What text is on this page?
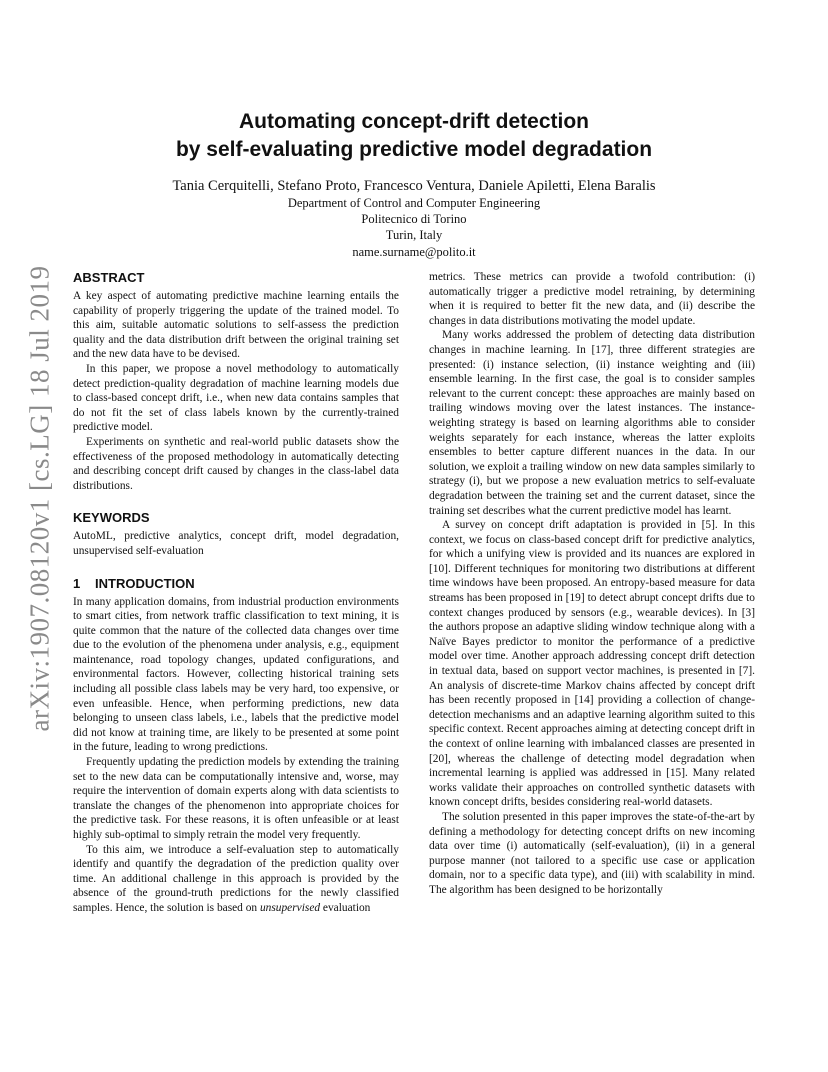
arXiv:1907.08120v1 [cs.LG] 18 Jul 2019
Automating concept-drift detection
by self-evaluating predictive model degradation
Tania Cerquitelli, Stefano Proto, Francesco Ventura, Daniele Apiletti, Elena Baralis
Department of Control and Computer Engineering
Politecnico di Torino
Turin, Italy
name.surname@polito.it
ABSTRACT

A key aspect of automating predictive machine learning entails the capability of properly triggering the update of the trained model. To this aim, suitable automatic solutions to self-assess the prediction quality and the data distribution drift between the original training set and the new data have to be devised.

In this paper, we propose a novel methodology to automatically detect prediction-quality degradation of machine learning models due to class-based concept drift, i.e., when new data contains samples that do not fit the set of class labels known by the currently-trained predictive model.

Experiments on synthetic and real-world public datasets show the effectiveness of the proposed methodology in automatically detecting and describing concept drift caused by changes in the class-label data distributions.

KEYWORDS

AutoML, predictive analytics, concept drift, model degradation, unsupervised self-evaluation

1 INTRODUCTION

In many application domains, from industrial production environments to smart cities, from network traffic classification to text mining, it is quite common that the nature of the collected data changes over time due to the evolution of the phenomena under analysis, e.g., equipment maintenance, road topology changes, updated configurations, and environmental factors. However, collecting historical training sets including all possible class labels may be very hard, too expensive, or even unfeasible. Hence, when performing predictions, new data belonging to unseen class labels, i.e., labels that the predictive model did not know at training time, are likely to be presented at some point in the future, leading to wrong predictions.

Frequently updating the prediction models by extending the training set to the new data can be computationally intensive and, worse, may require the intervention of domain experts along with data scientists to translate the changes of the phenomenon into appropriate choices for the predictive task. For these reasons, it is often unfeasible or at least highly sub-optimal to simply retrain the model very frequently.

To this aim, we introduce a self-evaluation step to automatically identify and quantify the degradation of the prediction quality over time. An additional challenge in this approach is provided by the absence of the ground-truth predictions for the newly classified samples. Hence, the solution is based on unsupervised evaluation

metrics. These metrics can provide a twofold contribution: (i) automatically trigger a predictive model retraining, by determining when it is required to better fit the new data, and (ii) describe the changes in data distributions motivating the model update.

Many works addressed the problem of detecting data distribution changes in machine learning. In [17], three different strategies are presented: (i) instance selection, (ii) instance weighting and (iii) ensemble learning. In the first case, the goal is to consider samples relevant to the current concept: these approaches are mainly based on trailing windows moving over the latest instances. The instance-weighting strategy is based on learning algorithms able to consider weights separately for each instance, whereas the latter exploits ensembles to better capture different nuances in the data. In our solution, we exploit a trailing window on new data samples similarly to strategy (i), but we propose a new evaluation metrics to self-evaluate degradation between the training set and the current dataset, since the training set describes what the current predictive model has learnt.

A survey on concept drift adaptation is provided in [5]. In this context, we focus on class-based concept drift for predictive analytics, for which a unifying view is provided and its nuances are explored in [10]. Different techniques for monitoring two distributions at different time windows have been proposed. An entropy-based measure for data streams has been proposed in [19] to detect abrupt concept drifts due to context changes produced by sensors (e.g., wearable devices). In [3] the authors propose an adaptive sliding window technique along with a Naïve Bayes predictor to monitor the performance of a predictive model over time. Another approach addressing concept drift detection in textual data, based on support vector machines, is presented in [7]. An analysis of discrete-time Markov chains affected by concept drift has been recently proposed in [14] providing a collection of change-detection mechanisms and an adaptive learning algorithm suited to this specific context. Recent approaches aiming at detecting concept drift in the context of online learning with imbalanced classes are presented in [20], whereas the challenge of detecting model degradation when incremental learning is applied was addressed in [15]. Many related works validate their approaches on controlled synthetic datasets with known concept drifts, besides considering real-world datasets.

The solution presented in this paper improves the state-of-the-art by defining a methodology for detecting concept drifts on new incoming data over time (i) automatically (self-evaluation), (ii) in a general purpose manner (not tailored to a specific use case or application domain, nor to a specific data type), and (iii) with scalability in mind. The algorithm has been designed to be horizontally
